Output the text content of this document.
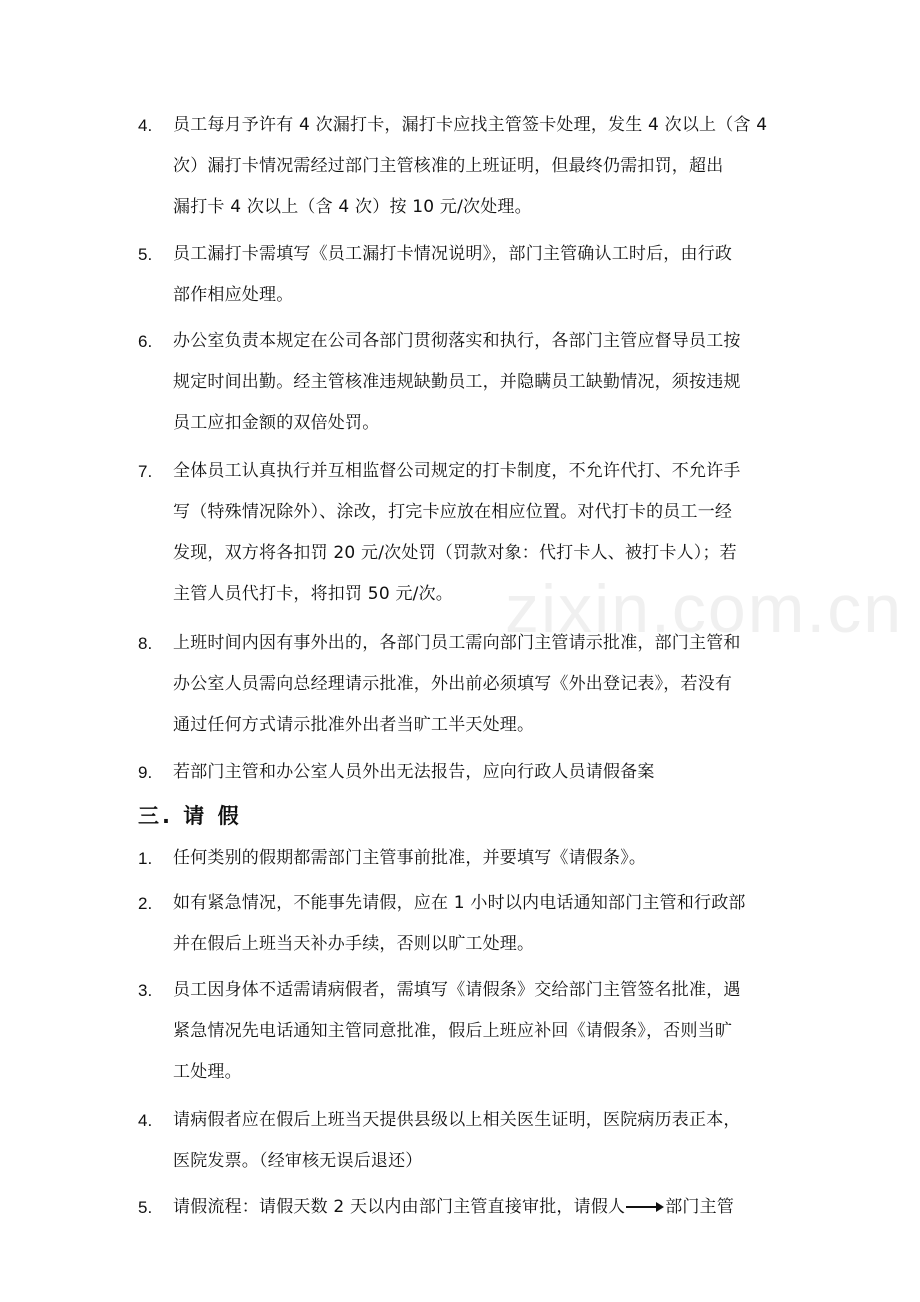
zixin.com.cn
4. 员工每月予许有 4 次漏打卡，漏打卡应找主管签卡处理，发生 4 次以上（含 4
次）漏打卡情况需经过部门主管核准的上班证明，但最终仍需扣罚，超出
漏打卡 4 次以上（含 4 次）按 10 元/次处理。
5. 员工漏打卡需填写《员工漏打卡情况说明》，部门主管确认工时后，由行政
部作相应处理。
6. 办公室负责本规定在公司各部门贯彻落实和执行，各部门主管应督导员工按
规定时间出勤。经主管核准违规缺勤员工，并隐瞒员工缺勤情况，须按违规
员工应扣金额的双倍处罚。
7. 全体员工认真执行并互相监督公司规定的打卡制度，不允许代打、不允许手
写（特殊情况除外）、涂改，打完卡应放在相应位置。对代打卡的员工一经
发现，双方将各扣罚 20 元/次处罚（罚款对象：代打卡人、被打卡人）；若
主管人员代打卡，将扣罚 50 元/次。
8. 上班时间内因有事外出的，各部门员工需向部门主管请示批准，部门主管和
办公室人员需向总经理请示批准，外出前必须填写《外出登记表》，若没有
通过任何方式请示批准外出者当旷工半天处理。
9. 若部门主管和办公室人员外出无法报告，应向行政人员请假备案
三. 请 假
1. 任何类别的假期都需部门主管事前批准，并要填写《请假条》。
2. 如有紧急情况，不能事先请假，应在 1 小时以内电话通知部门主管和行政部
并在假后上班当天补办手续，否则以旷工处理。
3. 员工因身体不适需请病假者，需填写《请假条》交给部门主管签名批准，遇
紧急情况先电话通知主管同意批准，假后上班应补回《请假条》，否则当旷
工处理。
4. 请病假者应在假后上班当天提供县级以上相关医生证明，医院病历表正本，
医院发票。（经审核无误后退还）
5. 请假流程：请假天数 2 天以内由部门主管直接审批，请假人 部门主管
